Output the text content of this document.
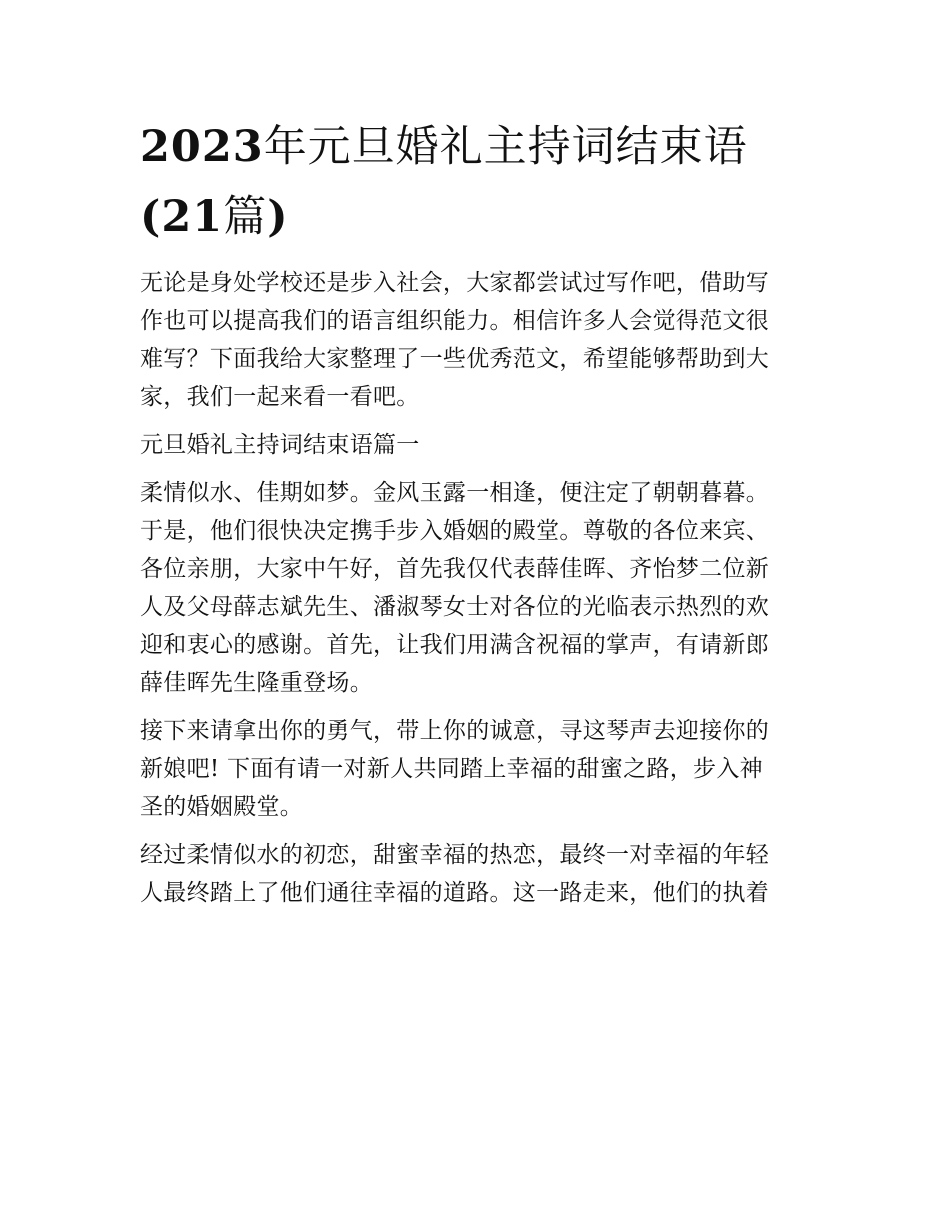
2023年元旦婚礼主持词结束语
(21篇)
无论是身处学校还是步入社会，大家都尝试过写作吧，借助写
作也可以提高我们的语言组织能力。相信许多人会觉得范文很
难写？下面我给大家整理了一些优秀范文，希望能够帮助到大
家，我们一起来看一看吧。
元旦婚礼主持词结束语篇一
柔情似水、佳期如梦。金风玉露一相逢，便注定了朝朝暮暮。
于是，他们很快决定携手步入婚姻的殿堂。尊敬的各位来宾、
各位亲朋，大家中午好，首先我仅代表薛佳晖、齐怡梦二位新
人及父母薛志斌先生、潘淑琴女士对各位的光临表示热烈的欢
迎和衷心的感谢。首先，让我们用满含祝福的掌声，有请新郎
薛佳晖先生隆重登场。
接下来请拿出你的勇气，带上你的诚意，寻这琴声去迎接你的
新娘吧! 下面有请一对新人共同踏上幸福的甜蜜之路，步入神
圣的婚姻殿堂。
经过柔情似水的初恋，甜蜜幸福的热恋，最终一对幸福的年轻
人最终踏上了他们通往幸福的道路。这一路走来，他们的执着
